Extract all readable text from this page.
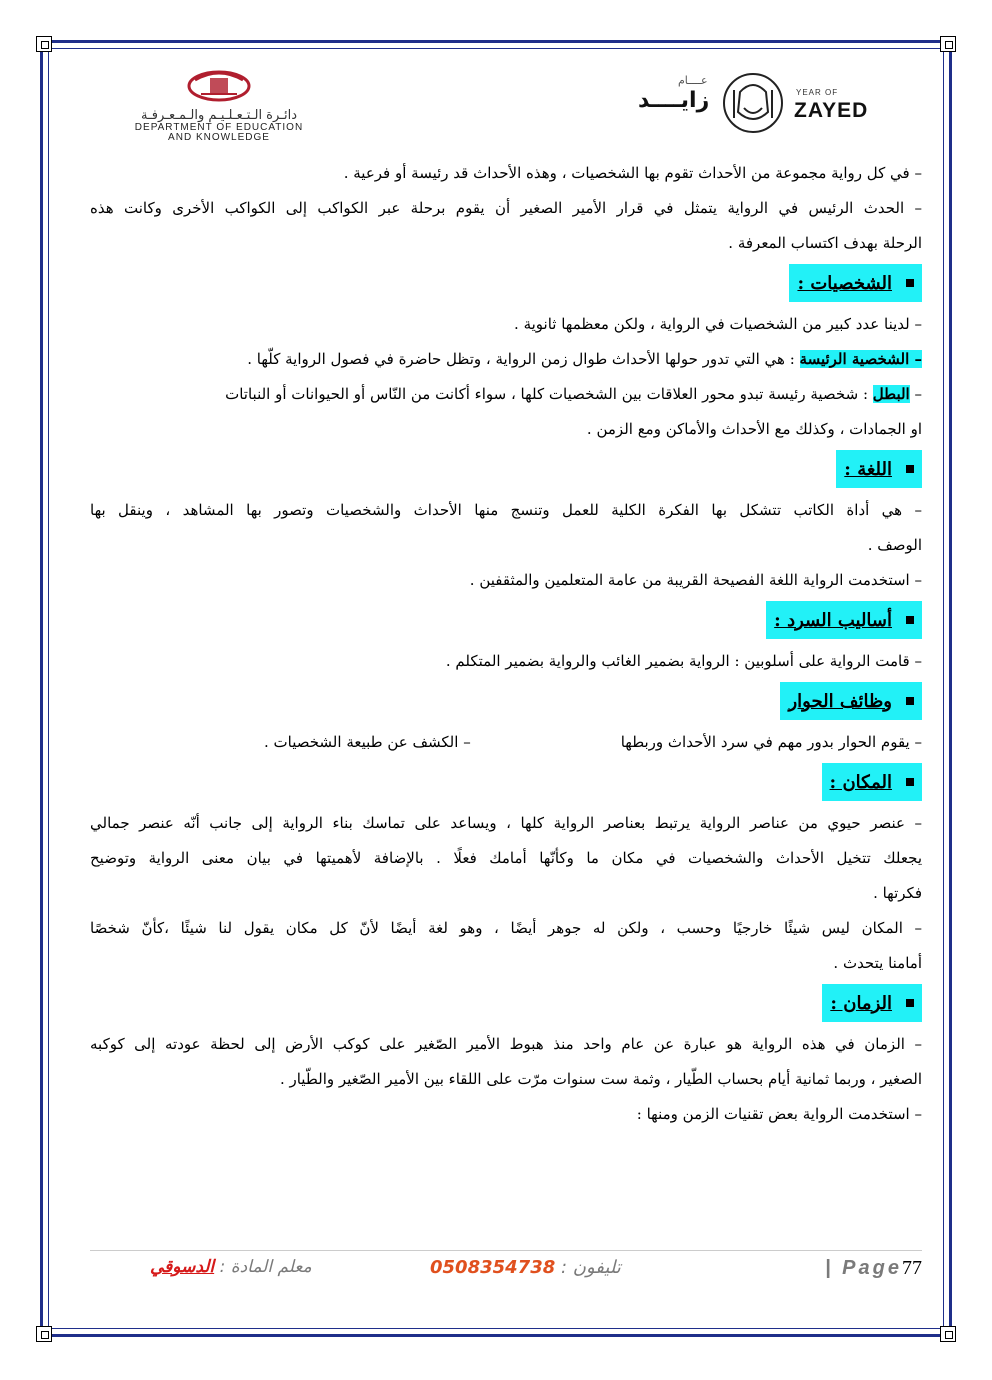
دائـرة الـتـعـلـيـم والـمـعـرفـة
DEPARTMENT OF EDUCATION
AND KNOWLEDGE
عــــام
زايــــد	YEAR OF
ZAYED
– في كل رواية مجموعة من الأحداث تقوم بها الشخصيات ، وهذه الأحداث قد رئيسة أو فرعية .
– الحدث الرئيس في الرواية يتمثل في قرار الأمير الصغير أن يقوم برحلة عبر الكواكب إلى الكواكب الأخرى وكانت هذه
الرحلة بهدف اكتساب المعرفة .
الشخصيات :
– لدينا عدد كبير من الشخصيات في الرواية ، ولكن معظمها ثانوية .
– الشخصية الرئيسة : هي التي تدور حولها الأحداث طوال زمن الرواية ، وتظل حاضرة في فصول الرواية كلّها .
– البطل : شخصية رئيسة تبدو محور العلاقات بين الشخصيات كلها ، سواء أكانت من النّاس أو الحيوانات أو النباتات
او الجمادات ، وكذلك مع الأحداث والأماكن ومع الزمن .
اللغة :
– هي أداة الكاتب تتشكل بها الفكرة الكلية للعمل وتنسج منها الأحداث والشخصيات وتصور بها المشاهد ، وينقل بها
الوصف .
– استخدمت الرواية اللغة الفصيحة القريبة من عامة المتعلمين والمثقفين .
أساليب السرد :
– قامت الرواية على أسلوبين : الرواية بضمير الغائب والرواية بضمير المتكلم .
وظائف الحوار
– يقوم الحوار بدور مهم في سرد الأحداث وربطها– الكشف عن طبيعة الشخصيات .
المكان :
– عنصر حيوي من عناصر الرواية يرتبط بعناصر الرواية كلها ، ويساعد على تماسك بناء الرواية إلى جانب أنّه عنصر جمالي
يجعلك تتخيل الأحداث والشخصيات في مكان ما وكأنّها أمامك فعلًا . بالإضافة لأهميتها في بيان معنى الرواية وتوضيح
فكرتها .
– المكان ليس شيئًا خارجيًا وحسب ، ولكن له جوهر أيضًا ، وهو لغة أيضًا لأنّ كل مكان يقول لنا شيئًا ،كأنّ شخصًا
أمامنا يتحدث .
الزمان :
– الزمان في هذه الرواية هو عبارة عن عام واحد منذ هبوط الأمير الصّغير على كوكب الأرض إلى لحظة عودته إلى كوكبه
الصغير ، وربما ثمانية أيام بحساب الطّيار ، وثمة ست سنوات مرّت على اللقاء بين الأمير الصّغير والطّيار .
– استخدمت الرواية بعض تقنيات الزمن ومنها :
معلم المادة : الدسوقي	تليفون : 0508354738	| Page77
